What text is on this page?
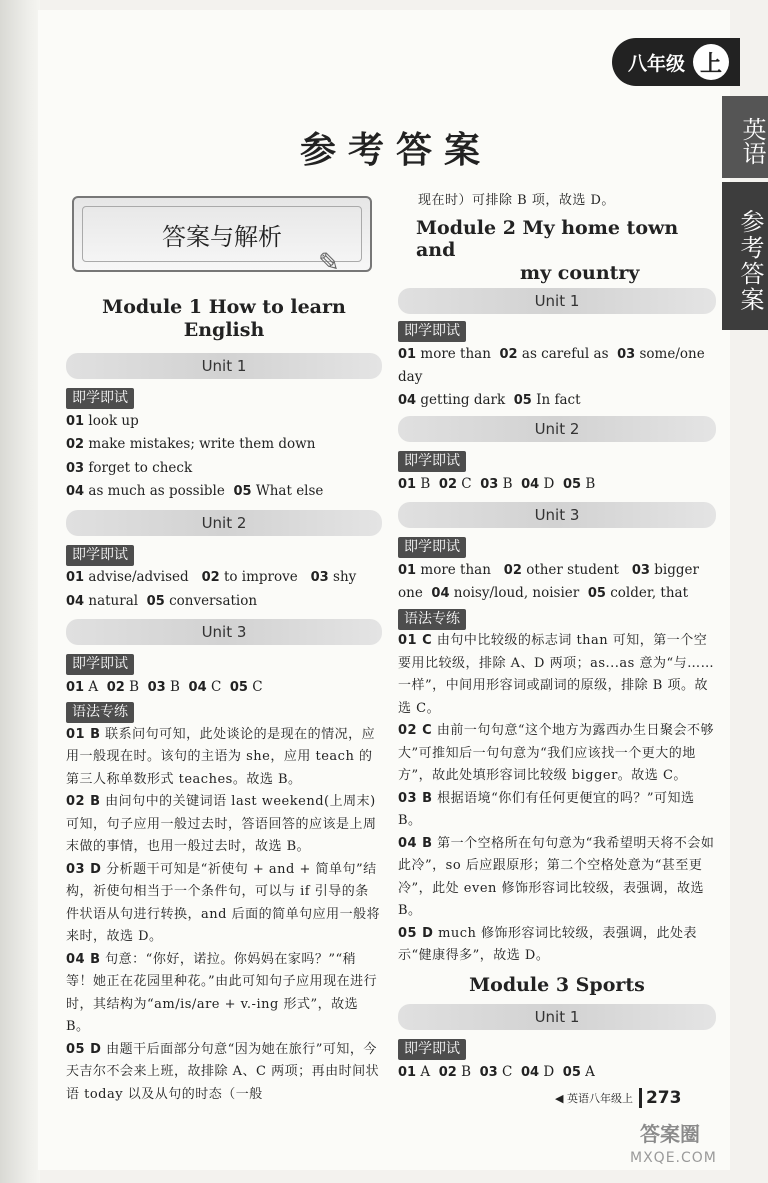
八年级 上
英语
参考答案
参考答案
答案与解析
✎

Module 1 How to learn English

Unit 1
即学即试

01 look up

02 make mistakes; write them down

03 forget to check

04 as much as possible 05 What else

Unit 2
即学即试

01 advise/advised 02 to improve 03 shy

04 natural 05 conversation

Unit 3
即学即试

01 A 02 B 03 B 04 C 05 C

语法专练

01 B 联系问句可知，此处谈论的是现在的情况，应用一般现在时。该句的主语为 she，应用 teach 的第三人称单数形式 teaches。故选 B。

02 B 由问句中的关键词语 last weekend(上周末)可知，句子应用一般过去时，答语回答的应该是上周末做的事情，也用一般过去时，故选 B。

03 D 分析题干可知是“祈使句 + and + 简单句”结构，祈使句相当于一个条件句，可以与 if 引导的条件状语从句进行转换，and 后面的简单句应用一般将来时，故选 D。

04 B 句意：“你好，诺拉。你妈妈在家吗？”“稍等！她正在花园里种花。”由此可知句子应用现在进行时，其结构为“am/is/are + v.-ing 形式”，故选 B。

05 D 由题干后面部分句意“因为她在旅行”可知，今天吉尔不会来上班，故排除 A、C 两项；再由时间状语 today 以及从句的时态（一般

现在时）可排除 B 项，故选 D。

Module 2 My home town and

my country

Unit 1
即学即试

01 more than 02 as careful as 03 some/one day

04 getting dark 05 In fact

Unit 2
即学即试

01 B 02 C 03 B 04 D 05 B

Unit 3
即学即试

01 more than 02 other student 03 bigger

one 04 noisy/loud, noisier 05 colder, that

语法专练

01 C 由句中比较级的标志词 than 可知，第一个空要用比较级，排除 A、D 两项；as...as 意为“与……一样”，中间用形容词或副词的原级，排除 B 项。故选 C。

02 C 由前一句句意“这个地方为露西办生日聚会不够大”可推知后一句句意为“我们应该找一个更大的地方”，故此处填形容词比较级 bigger。故选 C。

03 B 根据语境“你们有任何更便宜的吗？”可知选 B。

04 B 第一个空格所在句句意为“我希望明天将不会如此冷”，so 后应跟原形；第二个空格处意为“甚至更冷”，此处 even 修饰形容词比较级，表强调，故选 B。

05 D much 修饰形容词比较级，表强调，此处表示“健康得多”，故选 D。

Module 3 Sports

Unit 1
即学即试

01 A 02 B 03 C 04 D 05 A

◀ 英语八年级上 273
答案圈
MXQE.COM
